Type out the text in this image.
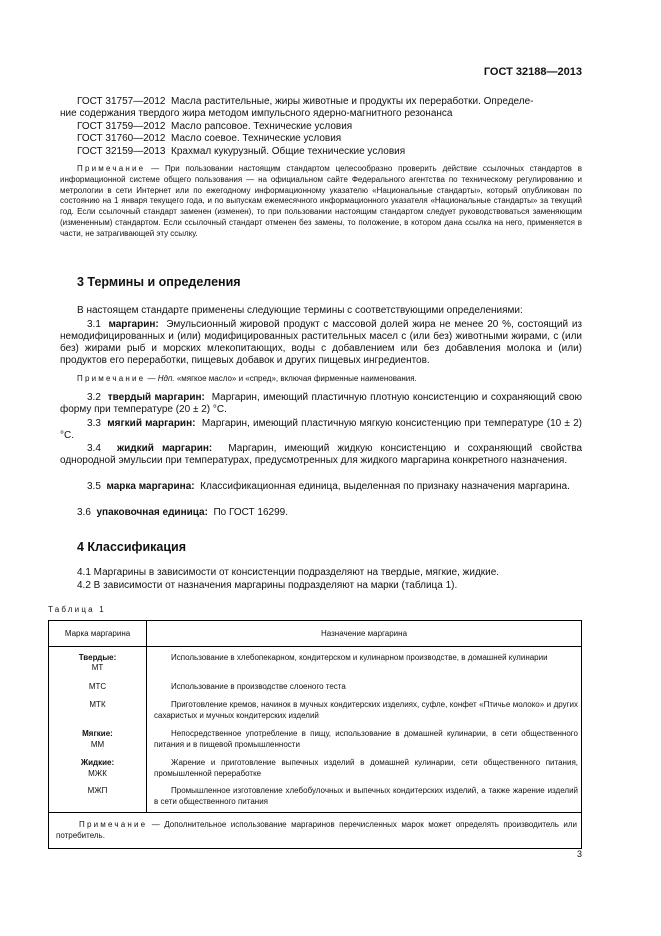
ГОСТ 32188—2013

ГОСТ 31757—2012 Масла растительные, жиры животные и продукты их переработки. Определе-

ние содержания твердого жира методом импульсного ядерно-магнитного резонанса

ГОСТ 31759—2012 Масло рапсовое. Технические условия
ГОСТ 31760—2012 Масло соевое. Технические условия
ГОСТ 32159—2013 Крахмал кукурузный. Общие технические условия

Примечание — При пользовании настоящим стандартом целесообразно проверить действие ссылочных стандартов в информационной системе общего пользования — на официальном сайте Федерального агентства по техническому регулированию и метрологии в сети Интернет или по ежегодному информационному указателю «Национальные стандарты», который опубликован по состоянию на 1 января текущего года, и по выпускам ежемесячного информационного указателя «Национальные стандарты» за текущий год. Если ссылочный стандарт заменен (изменен), то при пользовании настоящим стандартом следует руководствоваться заменяющим (измененным) стандартом. Если ссылочный стандарт отменен без замены, то положение, в котором дана ссылка на него, применяется в части, не затрагивающей эту ссылку.

3 Термины и определения

В настоящем стандарте применены следующие термины с соответствующими определениями:

3.1 маргарин: Эмульсионный жировой продукт с массовой долей жира не менее 20 %, состоящий из немодифицированных и (или) модифицированных растительных масел с (или без) животными жирами, с (или без) жирами рыб и морских млекопитающих, воды с добавлением или без добавления молока и (или) продуктов его переработки, пищевых добавок и других пищевых ингредиентов.

Примечание — Ндп. «мягкое масло» и «спред», включая фирменные наименования.

3.2 твердый маргарин: Маргарин, имеющий пластичную плотную консистенцию и сохраняющий свою форму при температуре (20 ± 2) °С.

3.3 мягкий маргарин: Маргарин, имеющий пластичную мягкую консистенцию при температуре (10 ± 2) °С.

3.4 жидкий маргарин: Маргарин, имеющий жидкую консистенцию и сохраняющий свойства однородной эмульсии при температурах, предусмотренных для жидкого маргарина конкретного назначения.

3.5 марка маргарина: Классификационная единица, выделенная по признаку назначения маргарина.

3.6 упаковочная единица: По ГОСТ 16299.

4 Классификация

4.1 Маргарины в зависимости от консистенции подразделяют на твердые, мягкие, жидкие.

4.2 В зависимости от назначения маргарины подразделяют на марки (таблица 1).

Таблица 1
Марка маргарина	Назначение маргарина
Твердые:
МТ	Использование в хлебопекарном, кондитерском и кулинарном производстве, в домашней кулинарии
МТС	Использование в производстве слоеного теста
МТК	Приготовление кремов, начинок в мучных кондитерских изделиях, суфле, конфет «Птичье молоко» и других сахаристых и мучных кондитерских изделий
Мягкие:
ММ	Непосредственное употребление в пищу, использование в домашней кулинарии, в сети общественного питания и в пищевой промышленности
Жидкие:
МЖК	Жарение и приготовление выпечных изделий в домашней кулинарии, сети общественного питания, промышленной переработке
МЖП	Промышленное изготовление хлебобулочных и выпечных кондитерских изделий, а также жарение изделий в сети общественного питания
Примечание — Дополнительное использование маргаринов перечисленных марок может определять производитель или потребитель.	
3
